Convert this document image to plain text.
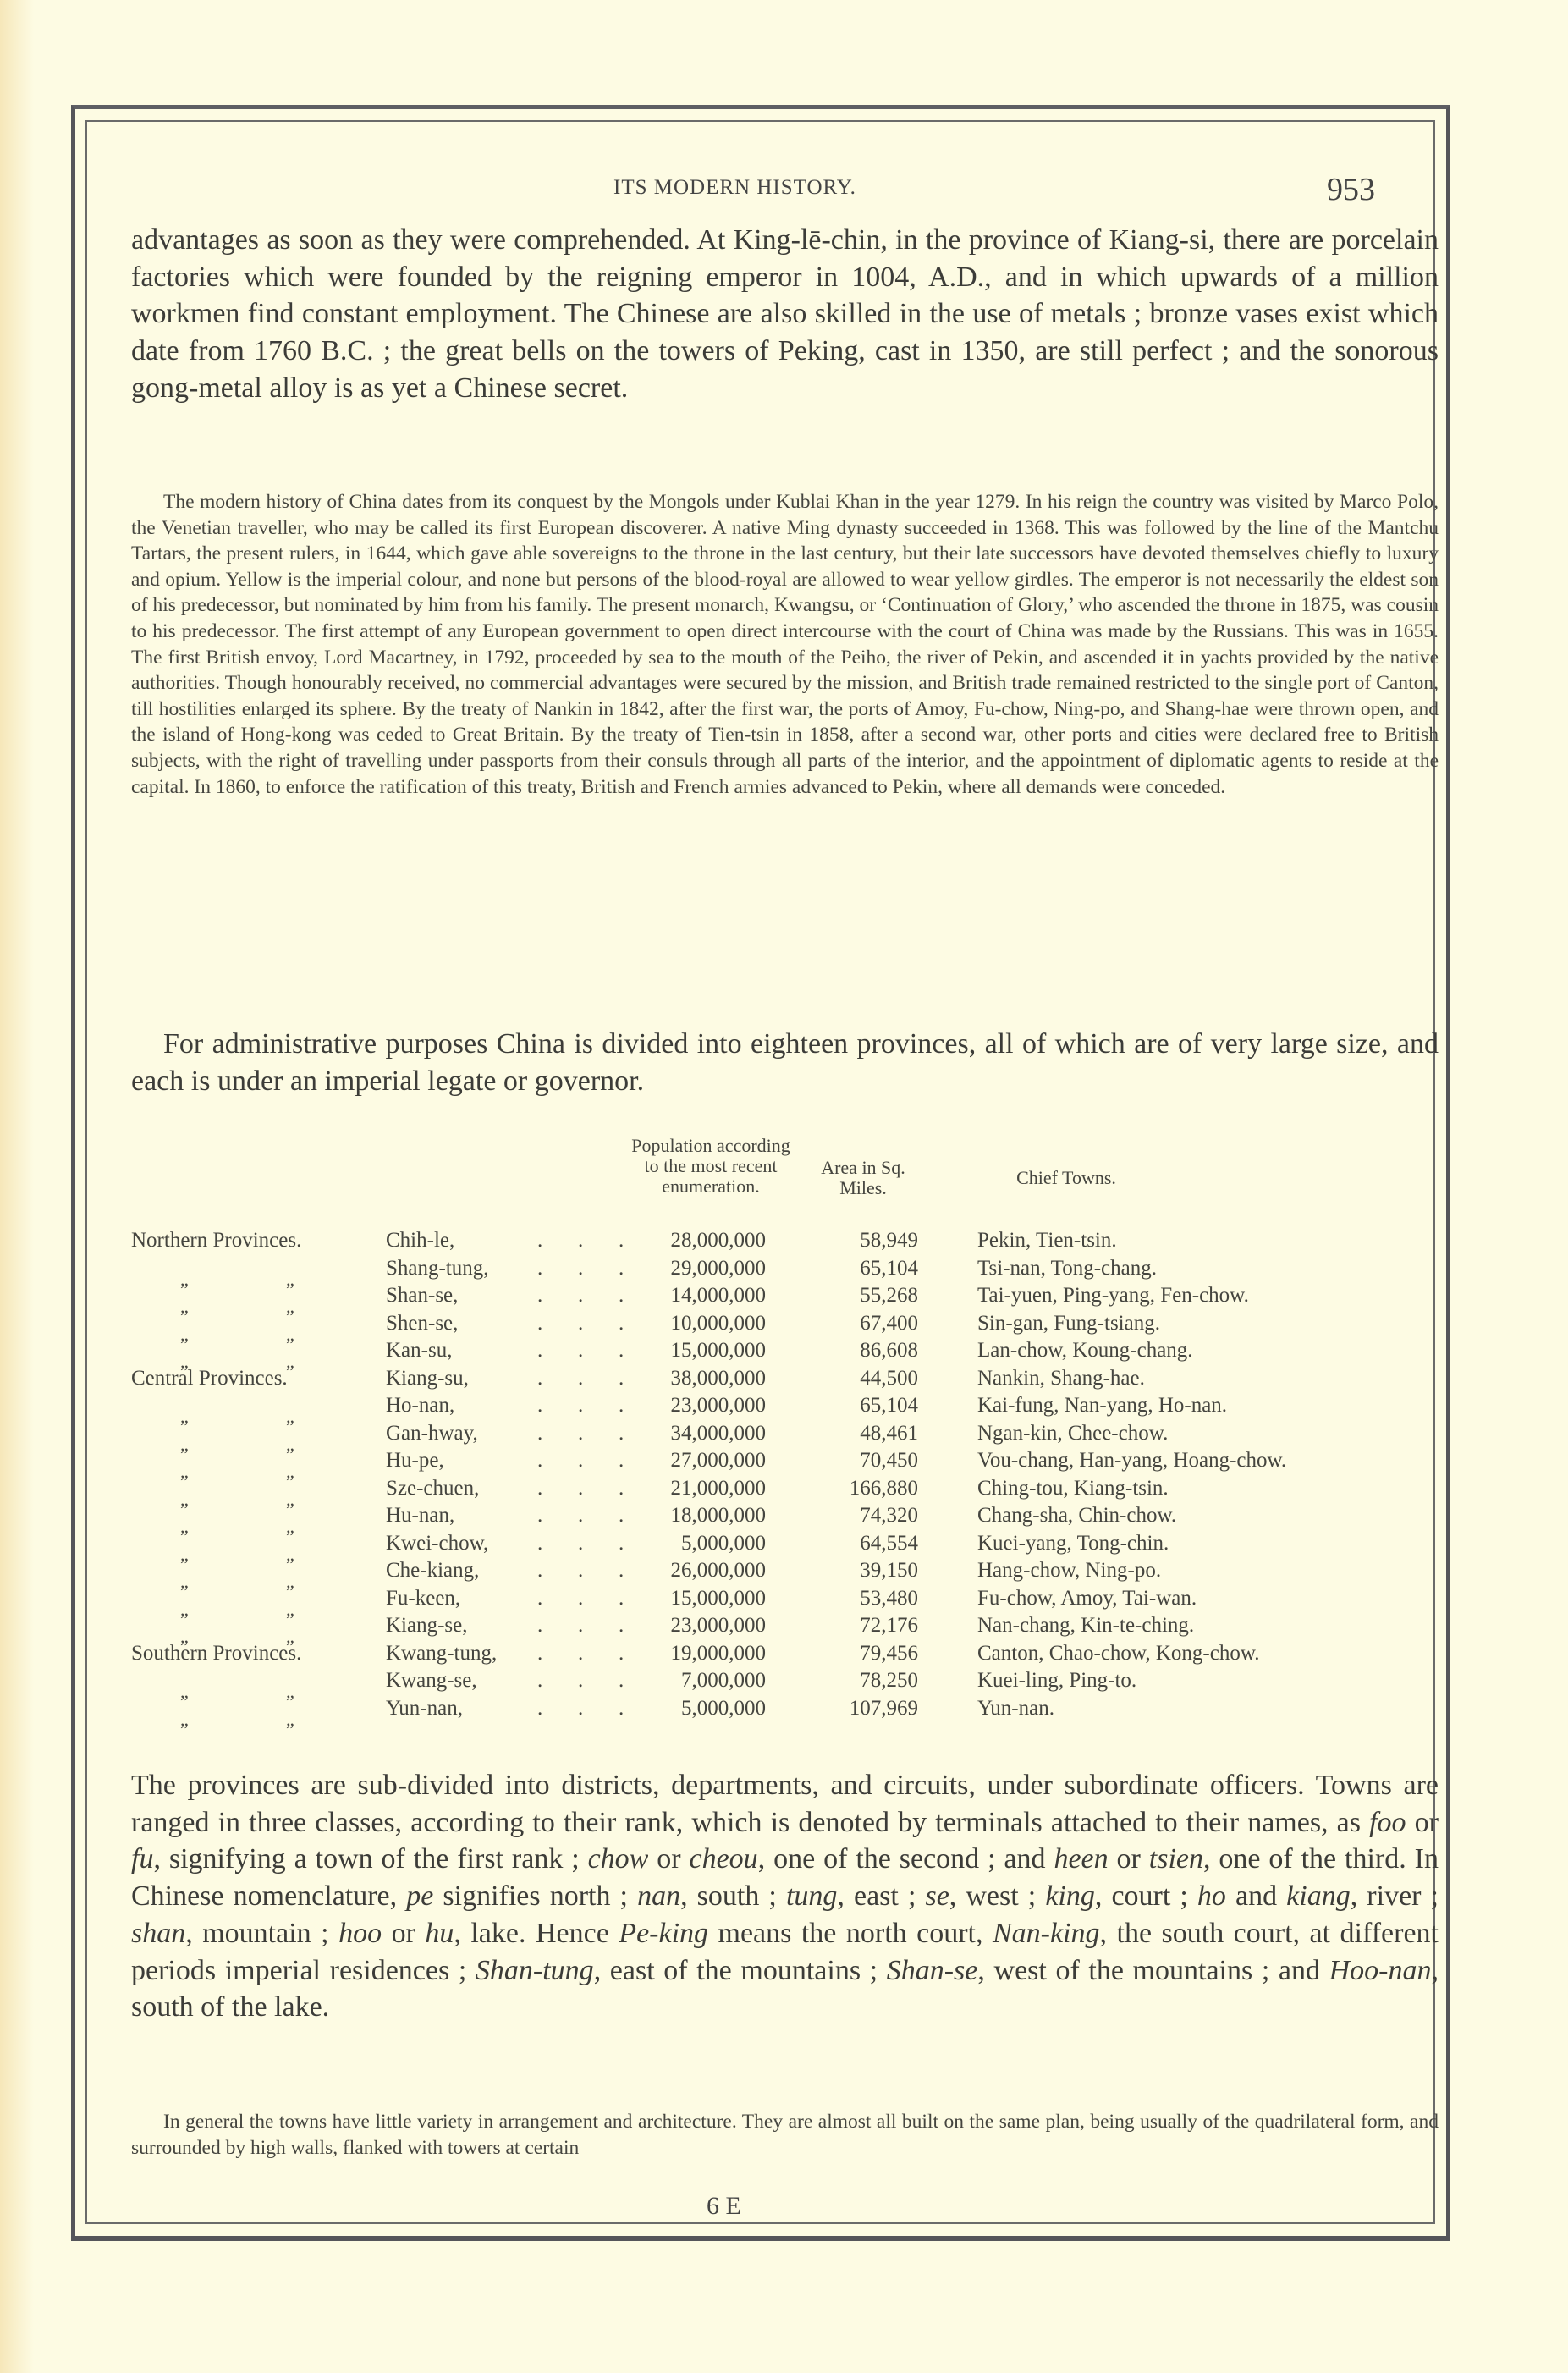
ITS MODERN HISTORY.	953

advantages as soon as they were comprehended. At King-lē-chin, in the province of Kiang-si, there are porcelain factories which were founded by the reigning emperor in 1004, A.D., and in which upwards of a million workmen find constant employment. The Chinese are also skilled in the use of metals ; bronze vases exist which date from 1760 B.C. ; the great bells on the towers of Peking, cast in 1350, are still perfect ; and the sonorous gong-metal alloy is as yet a Chinese secret.

The modern history of China dates from its conquest by the Mongols under Kublai Khan in the year 1279. In his reign the country was visited by Marco Polo, the Venetian traveller, who may be called its first European discoverer. A native Ming dynasty succeeded in 1368. This was followed by the line of the Mantchu Tartars, the present rulers, in 1644, which gave able sovereigns to the throne in the last century, but their late successors have devoted themselves chiefly to luxury and opium. Yellow is the imperial colour, and none but persons of the blood-royal are allowed to wear yellow girdles. The emperor is not necessarily the eldest son of his predecessor, but nominated by him from his family. The present monarch, Kwangsu, or ‘Continuation of Glory,’ who ascended the throne in 1875, was cousin to his predecessor. The first attempt of any European government to open direct intercourse with the court of China was made by the Russians. This was in 1655. The first British envoy, Lord Macartney, in 1792, proceeded by sea to the mouth of the Peiho, the river of Pekin, and ascended it in yachts provided by the native authorities. Though honourably received, no commercial advantages were secured by the mission, and British trade remained restricted to the single port of Canton, till hostilities enlarged its sphere. By the treaty of Nankin in 1842, after the first war, the ports of Amoy, Fu-chow, Ning-po, and Shang-hae were thrown open, and the island of Hong-kong was ceded to Great Britain. By the treaty of Tien-tsin in 1858, after a second war, other ports and cities were declared free to British subjects, with the right of travelling under passports from their consuls through all parts of the interior, and the appointment of diplomatic agents to reside at the capital. In 1860, to enforce the ratification of this treaty, British and French armies advanced to Pekin, where all demands were conceded.

For administrative purposes China is divided into eighteen provinces, all of which are of very large size, and each is under an imperial legate or governor.

Population according to the most recent enumeration.
Area in Sq. Miles.	Chief Towns.
Northern Provinces.	Chih-le,	28,000,000	58,949	Pekin, Tien-tsin.
. . .
„	„	Shang-tung,	29,000,000	65,104	Tsi-nan, Tong-chang.
. . .
„	„	Shan-se,	14,000,000	55,268	Tai-yuen, Ping-yang, Fen-chow.
. . .
„	„	Shen-se,	10,000,000	67,400	Sin-gan, Fung-tsiang.
. . .
„	„	Kan-su,	15,000,000	86,608	Lan-chow, Koung-chang.
. . .
Central Provinces.	Kiang-su,	38,000,000	44,500	Nankin, Shang-hae.
. . .
„	„	Ho-nan,	23,000,000	65,104	Kai-fung, Nan-yang, Ho-nan.
. . .
„	„	Gan-hway,	34,000,000	48,461	Ngan-kin, Chee-chow.
. . .
„	„	Hu-pe,	27,000,000	70,450	Vou-chang, Han-yang, Hoang-chow.
. . .
„	„	Sze-chuen,	21,000,000	166,880	Ching-tou, Kiang-tsin.
. . .
„	„	Hu-nan,	18,000,000	74,320	Chang-sha, Chin-chow.
. . .
„	„	Kwei-chow,	5,000,000	64,554	Kuei-yang, Tong-chin.
. . .
„	„	Che-kiang,	26,000,000	39,150	Hang-chow, Ning-po.
. . .
„	„	Fu-keen,	15,000,000	53,480	Fu-chow, Amoy, Tai-wan.
. . .
„	„	Kiang-se,	23,000,000	72,176	Nan-chang, Kin-te-ching.
. . .
Southern Provinces.	Kwang-tung,	19,000,000	79,456	Canton, Chao-chow, Kong-chow.
. . .
„	„	Kwang-se,	7,000,000	78,250	Kuei-ling, Ping-to.
. . .
„	„	Yun-nan,	5,000,000	107,969	Yun-nan.
. . .

The provinces are sub-divided into districts, departments, and circuits, under subordinate officers. Towns are ranged in three classes, according to their rank, which is denoted by terminals attached to their names, as foo or fu, signifying a town of the first rank ; chow or cheou, one of the second ; and heen or tsien, one of the third. In Chinese nomenclature, pe signifies north ; nan, south ; tung, east ; se, west ; king, court ; ho and kiang, river ; shan, mountain ; hoo or hu, lake. Hence Pe-king means the north court, Nan-king, the south court, at different periods imperial residences ; Shan-tung, east of the mountains ; Shan-se, west of the mountains ; and Hoo-nan, south of the lake.

In general the towns have little variety in arrangement and architecture. They are almost all built on the same plan, being usually of the quadrilateral form, and surrounded by high walls, flanked with towers at certain

6 E
